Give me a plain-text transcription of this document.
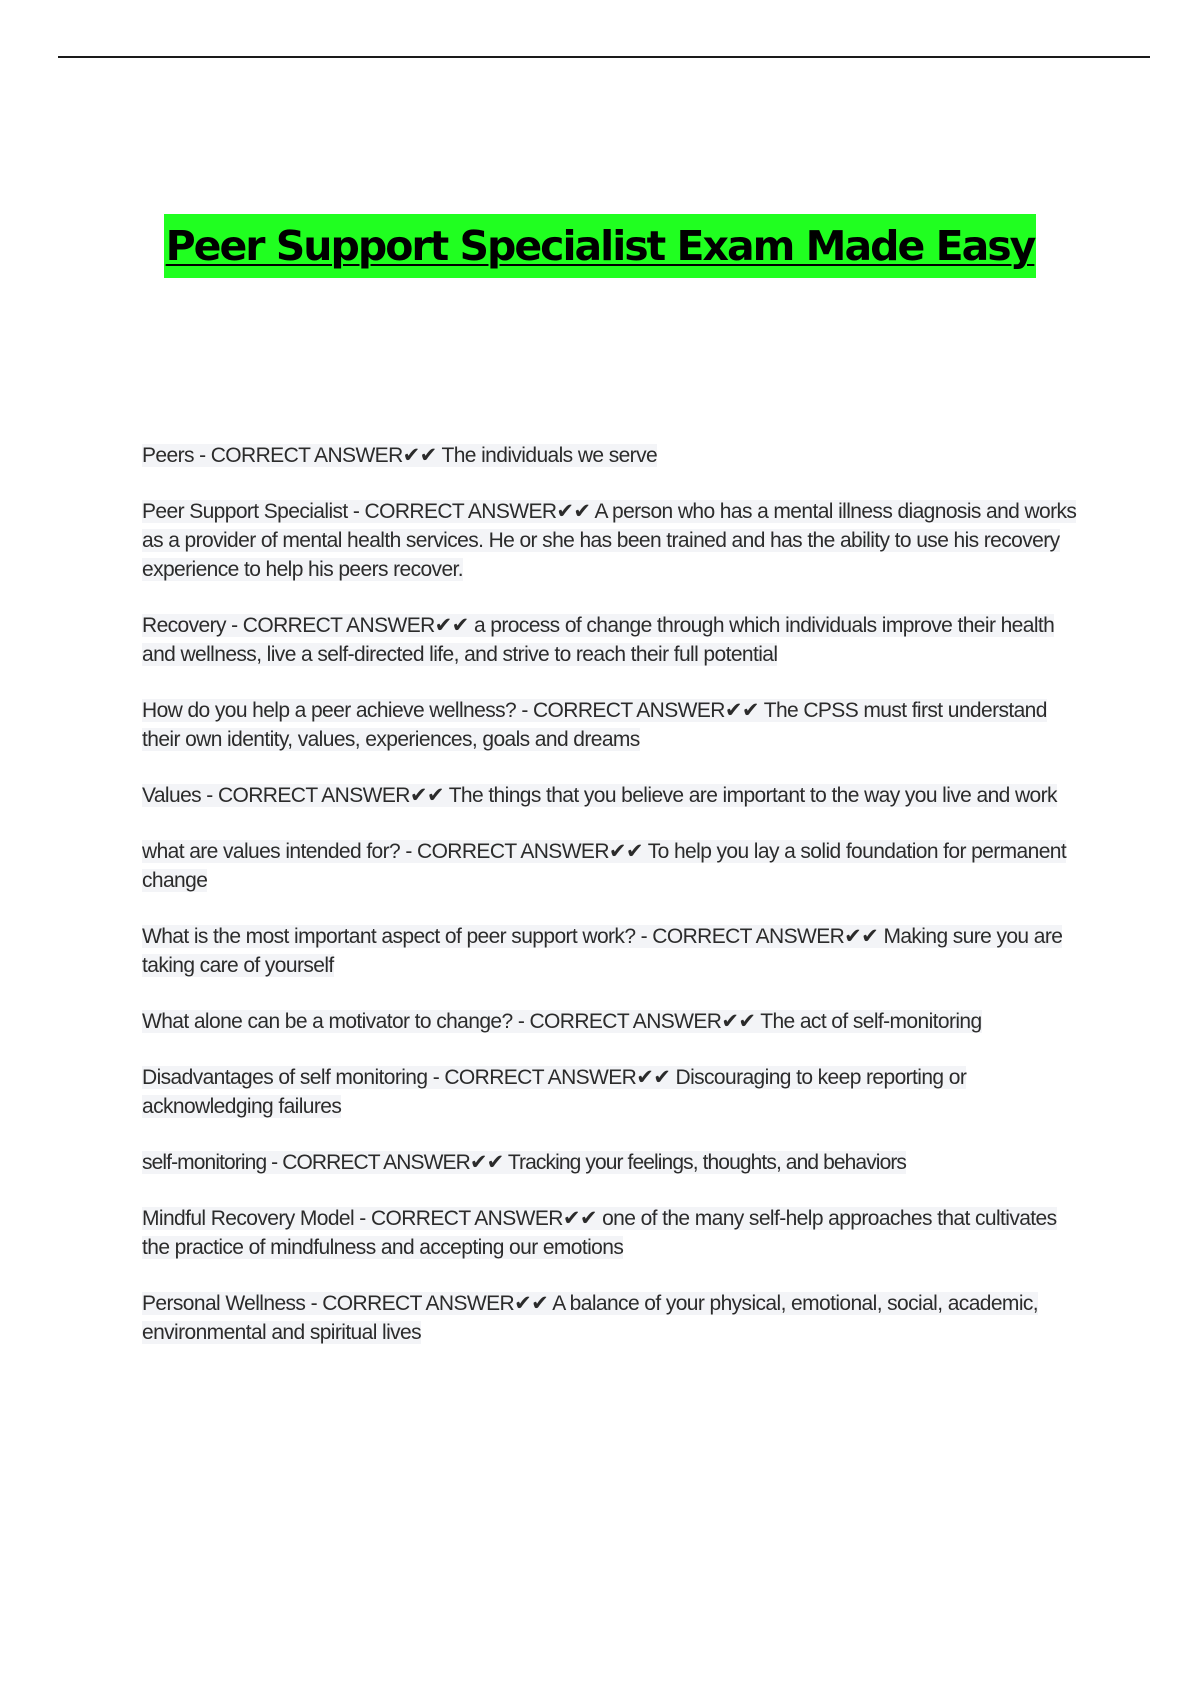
Peer Support Specialist Exam Made Easy
Peers - CORRECT ANSWER✔✔ The individuals we serve
Peer Support Specialist - CORRECT ANSWER✔✔ A person who has a mental illness diagnosis and works as a provider of mental health services. He or she has been trained and has the ability to use his recovery experience to help his peers recover.
Recovery - CORRECT ANSWER✔✔ a process of change through which individuals improve their health and wellness, live a self-directed life, and strive to reach their full potential
How do you help a peer achieve wellness? - CORRECT ANSWER✔✔ The CPSS must first understand their own identity, values, experiences, goals and dreams
Values - CORRECT ANSWER✔✔ The things that you believe are important to the way you live and work
what are values intended for? - CORRECT ANSWER✔✔ To help you lay a solid foundation for permanent change
What is the most important aspect of peer support work? - CORRECT ANSWER✔✔ Making sure you are taking care of yourself
What alone can be a motivator to change? - CORRECT ANSWER✔✔ The act of self-monitoring
Disadvantages of self monitoring - CORRECT ANSWER✔✔ Discouraging to keep reporting or acknowledging failures
self-monitoring - CORRECT ANSWER✔✔ Tracking your feelings, thoughts, and behaviors
Mindful Recovery Model - CORRECT ANSWER✔✔ one of the many self-help approaches that cultivates the practice of mindfulness and accepting our emotions
Personal Wellness - CORRECT ANSWER✔✔ A balance of your physical, emotional, social, academic, environmental and spiritual lives
